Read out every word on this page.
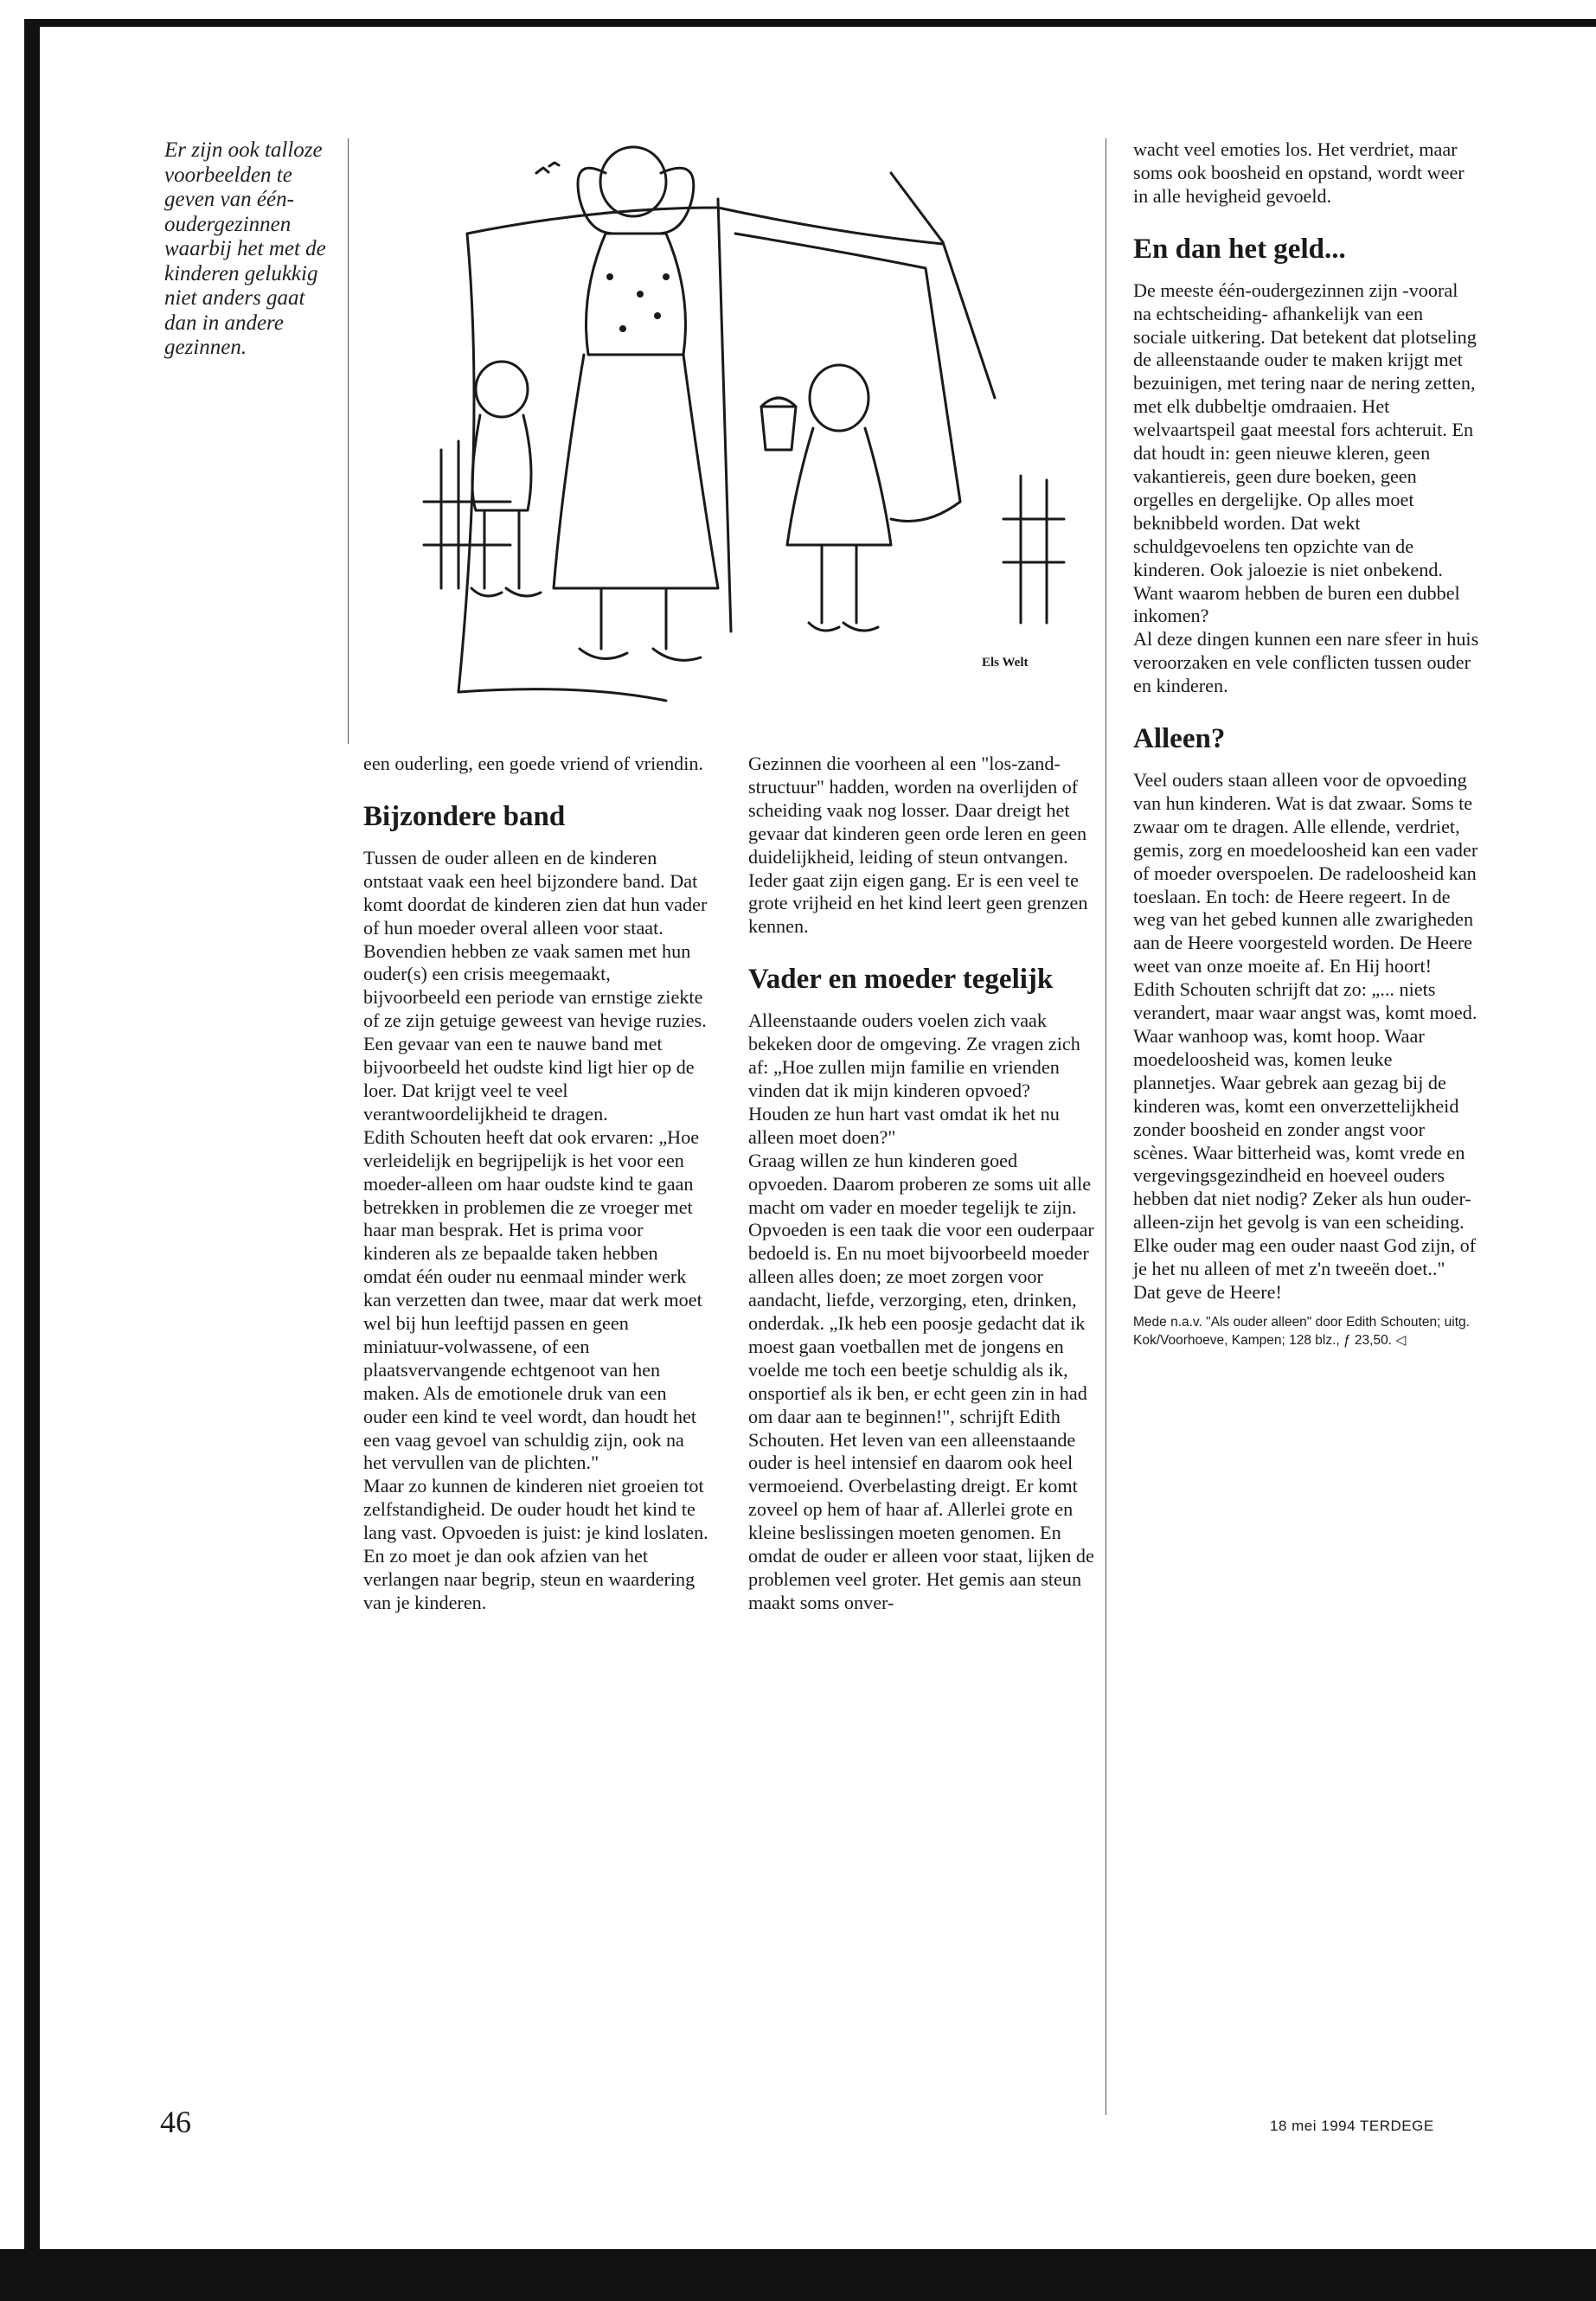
Er zijn ook talloze voorbeelden te geven van één-oudergezinnen waarbij het met de kinderen gelukkig niet anders gaat dan in andere gezinnen.
Els Welt

een ouderling, een goede vriend of vriendin.

Bijzondere band

Tussen de ouder alleen en de kinderen ontstaat vaak een heel bijzondere band. Dat komt doordat de kinderen zien dat hun vader of hun moeder overal alleen voor staat. Bovendien hebben ze vaak samen met hun ouder(s) een crisis meegemaakt, bijvoorbeeld een periode van ernstige ziekte of ze zijn getuige geweest van hevige ruzies.

Een gevaar van een te nauwe band met bijvoorbeeld het oudste kind ligt hier op de loer. Dat krijgt veel te veel verantwoordelijkheid te dragen.

Edith Schouten heeft dat ook ervaren: „Hoe verleidelijk en begrijpelijk is het voor een moeder-alleen om haar oudste kind te gaan betrekken in problemen die ze vroeger met haar man besprak. Het is prima voor kinderen als ze bepaalde taken hebben omdat één ouder nu eenmaal minder werk kan verzetten dan twee, maar dat werk moet wel bij hun leeftijd passen en geen miniatuur-volwassene, of een plaatsvervangende echtgenoot van hen maken. Als de emotionele druk van een ouder een kind te veel wordt, dan houdt het een vaag gevoel van schuldig zijn, ook na het vervullen van de plichten."

Maar zo kunnen de kinderen niet groeien tot zelfstandigheid. De ouder houdt het kind te lang vast. Opvoeden is juist: je kind loslaten. En zo moet je dan ook afzien van het verlangen naar begrip, steun en waardering van je kinderen.

Gezinnen die voorheen al een "los-zand-structuur" hadden, worden na overlijden of scheiding vaak nog losser. Daar dreigt het gevaar dat kinderen geen orde leren en geen duidelijkheid, leiding of steun ontvangen. Ieder gaat zijn eigen gang. Er is een veel te grote vrijheid en het kind leert geen grenzen kennen.

Vader en moeder tegelijk

Alleenstaande ouders voelen zich vaak bekeken door de omgeving. Ze vragen zich af: „Hoe zullen mijn familie en vrienden vinden dat ik mijn kinderen opvoed? Houden ze hun hart vast omdat ik het nu alleen moet doen?"

Graag willen ze hun kinderen goed opvoeden. Daarom proberen ze soms uit alle macht om vader en moeder tegelijk te zijn. Opvoeden is een taak die voor een ouderpaar bedoeld is. En nu moet bijvoorbeeld moeder alleen alles doen; ze moet zorgen voor aandacht, liefde, verzorging, eten, drinken, onderdak. „Ik heb een poosje gedacht dat ik moest gaan voetballen met de jongens en voelde me toch een beetje schuldig als ik, onsportief als ik ben, er echt geen zin in had om daar aan te beginnen!", schrijft Edith Schouten. Het leven van een alleenstaande ouder is heel intensief en daarom ook heel vermoeiend. Overbelasting dreigt. Er komt zoveel op hem of haar af. Allerlei grote en kleine beslissingen moeten genomen. En omdat de ouder er alleen voor staat, lijken de problemen veel groter. Het gemis aan steun maakt soms onver-

wacht veel emoties los. Het verdriet, maar soms ook boosheid en opstand, wordt weer in alle hevigheid gevoeld.

En dan het geld...

De meeste één-oudergezinnen zijn -vooral na echtscheiding- afhankelijk van een sociale uitkering. Dat betekent dat plotseling de alleenstaande ouder te maken krijgt met bezuinigen, met tering naar de nering zetten, met elk dubbeltje omdraaien. Het welvaartspeil gaat meestal fors achteruit. En dat houdt in: geen nieuwe kleren, geen vakantiereis, geen dure boeken, geen orgelles en dergelijke. Op alles moet beknibbeld worden. Dat wekt schuldgevoelens ten opzichte van de kinderen. Ook jaloezie is niet onbekend. Want waarom hebben de buren een dubbel inkomen?

Al deze dingen kunnen een nare sfeer in huis veroorzaken en vele conflicten tussen ouder en kinderen.

Alleen?

Veel ouders staan alleen voor de opvoeding van hun kinderen. Wat is dat zwaar. Soms te zwaar om te dragen. Alle ellende, verdriet, gemis, zorg en moedeloosheid kan een vader of moeder overspoelen. De radeloosheid kan toeslaan. En toch: de Heere regeert. In de weg van het gebed kunnen alle zwarigheden aan de Heere voorgesteld worden. De Heere weet van onze moeite af. En Hij hoort!

Edith Schouten schrijft dat zo: „... niets verandert, maar waar angst was, komt moed. Waar wanhoop was, komt hoop. Waar moedeloosheid was, komen leuke plannetjes. Waar gebrek aan gezag bij de kinderen was, komt een onverzettelijkheid zonder boosheid en zonder angst voor scènes. Waar bitterheid was, komt vrede en vergevingsgezindheid en hoeveel ouders hebben dat niet nodig? Zeker als hun ouder-alleen-zijn het gevolg is van een scheiding. Elke ouder mag een ouder naast God zijn, of je het nu alleen of met z'n tweeën doet.."

Dat geve de Heere!

Mede n.a.v. "Als ouder alleen" door Edith Schouten; uitg. Kok/Voorhoeve, Kampen; 128 blz., ƒ 23,50. ◁

46	18 mei 1994 TERDEGE
